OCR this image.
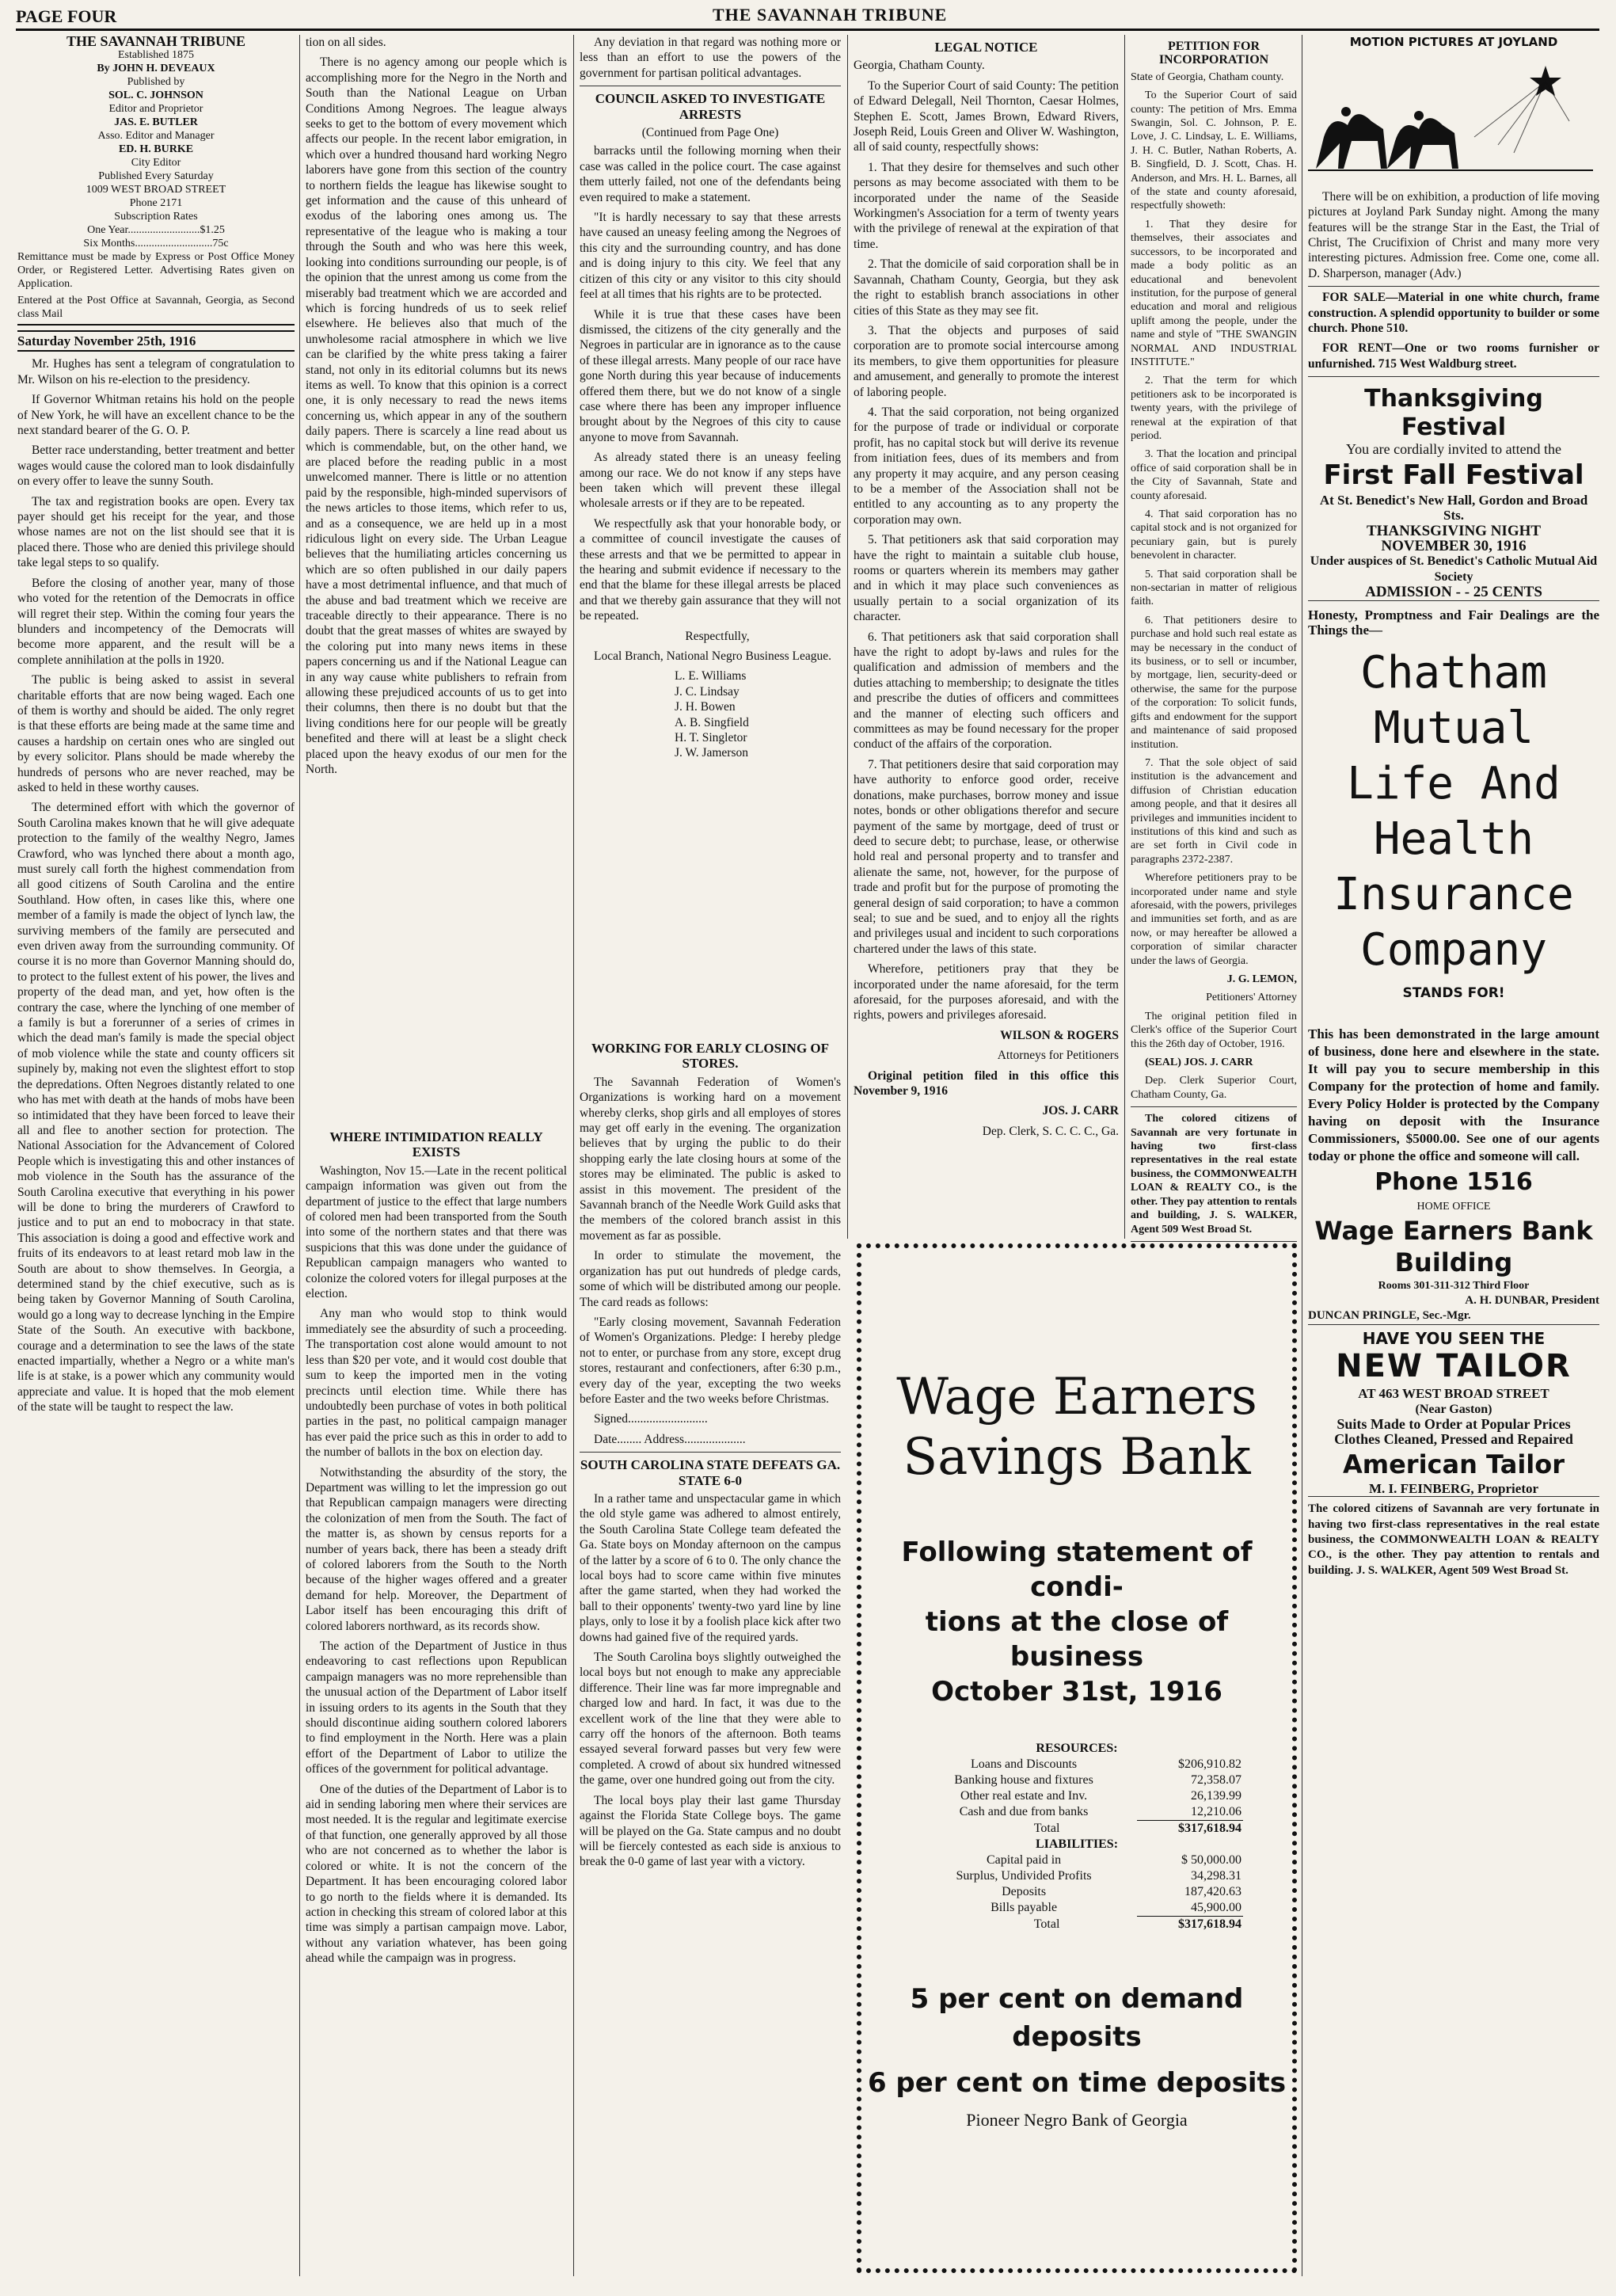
PAGE FOUR	THE SAVANNAH TRIBUNE
THE SAVANNAH TRIBUNE
Established 1875
By JOHN H. DEVEAUX
Published by
SOL. C. JOHNSON
Editor and Proprietor
JAS. E. BUTLER
Asso. Editor and Manager
ED. H. BURKE
City Editor
Published Every Saturday
1009 WEST BROAD STREET
Phone 2171
Subscription Rates
One Year..........................$1.25
Six Months............................75c
Remittance must be made by Express or Post Office Money Order, or Registered Letter. Advertising Rates given on Application.
Entered at the Post Office at Savannah, Georgia, as Second class Mail
Saturday November 25th, 1916

Mr. Hughes has sent a telegram of congratulation to Mr. Wilson on his re-election to the presidency.

If Governor Whitman retains his hold on the people of New York, he will have an excellent chance to be the next standard bearer of the G. O. P.

Better race understanding, better treatment and better wages would cause the colored man to look disdainfully on every offer to leave the sunny South.

The tax and registration books are open. Every tax payer should get his receipt for the year, and those whose names are not on the list should see that it is placed there. Those who are denied this privilege should take legal steps to so qualify.

Before the closing of another year, many of those who voted for the retention of the Democrats in office will regret their step. Within the coming four years the blunders and incompetency of the Democrats will become more apparent, and the result will be a complete annihilation at the polls in 1920.

The public is being asked to assist in several charitable efforts that are now being waged. Each one of them is worthy and should be aided. The only regret is that these efforts are being made at the same time and causes a hardship on certain ones who are singled out by every solicitor. Plans should be made whereby the hundreds of persons who are never reached, may be asked to held in these worthy causes.

The determined effort with which the governor of South Carolina makes known that he will give adequate protection to the family of the wealthy Negro, James Crawford, who was lynched there about a month ago, must surely call forth the highest commendation from all good citizens of South Carolina and the entire Southland. How often, in cases like this, where one member of a family is made the object of lynch law, the surviving members of the family are persecuted and even driven away from the surrounding community. Of course it is no more than Governor Manning should do, to protect to the fullest extent of his power, the lives and property of the dead man, and yet, how often is the contrary the case, where the lynching of one member of a family is but a forerunner of a series of crimes in which the dead man's family is made the special object of mob violence while the state and county officers sit supinely by, making not even the slightest effort to stop the depredations. Often Negroes distantly related to one who has met with death at the hands of mobs have been so intimidated that they have been forced to leave their all and flee to another section for protection. The National Association for the Advancement of Colored People which is investigating this and other instances of mob violence in the South has the assurance of the South Carolina executive that everything in his power will be done to bring the murderers of Crawford to justice and to put an end to mobocracy in that state. This association is doing a good and effective work and fruits of its endeavors to at least retard mob law in the South are about to show themselves. In Georgia, a determined stand by the chief executive, such as is being taken by Governor Manning of South Carolina, would go a long way to decrease lynching in the Empire State of the South. An executive with backbone, courage and a determination to see the laws of the state enacted impartially, whether a Negro or a white man's life is at stake, is a power which any community would appreciate and value. It is hoped that the mob element of the state will be taught to respect the law.

tion on all sides.

There is no agency among our people which is accomplishing more for the Negro in the North and South than the National League on Urban Conditions Among Negroes. The league always seeks to get to the bottom of every movement which affects our people. In the recent labor emigration, in which over a hundred thousand hard working Negro laborers have gone from this section of the country to northern fields the league has likewise sought to get information and the cause of this unheard of exodus of the laboring ones among us. The representative of the league who is making a tour through the South and who was here this week, looking into conditions surrounding our people, is of the opinion that the unrest among us come from the miserably bad treatment which we are accorded and which is forcing hundreds of us to seek relief elsewhere. He believes also that much of the unwholesome racial atmosphere in which we live can be clarified by the white press taking a fairer stand, not only in its editorial columns but its news items as well. To know that this opinion is a correct one, it is only necessary to read the news items concerning us, which appear in any of the southern daily papers. There is scarcely a line read about us which is commendable, but, on the other hand, we are placed before the reading public in a most unwelcomed manner. There is little or no attention paid by the responsible, high-minded supervisors of the news articles to those items, which refer to us, and as a consequence, we are held up in a most ridiculous light on every side. The Urban League believes that the humiliating articles concerning us which are so often published in our daily papers have a most detrimental influence, and that much of the abuse and bad treatment which we receive are traceable directly to their appearance. There is no doubt that the great masses of whites are swayed by the coloring put into many news items in these papers concerning us and if the National League can in any way cause white publishers to refrain from allowing these prejudiced accounts of us to get into their columns, then there is no doubt but that the living conditions here for our people will be greatly benefited and there will at least be a slight check placed upon the heavy exodus of our men for the North.

WHERE INTIMIDATION REALLY EXISTS

Washington, Nov 15.—Late in the recent political campaign information was given out from the department of justice to the effect that large numbers of colored men had been transported from the South into some of the northern states and that there was suspicions that this was done under the guidance of Republican campaign managers who wanted to colonize the colored voters for illegal purposes at the election.

Any man who would stop to think would immediately see the absurdity of such a proceeding. The transportation cost alone would amount to not less than $20 per vote, and it would cost double that sum to keep the imported men in the voting precincts until election time. While there has undoubtedly been purchase of votes in both political parties in the past, no political campaign manager has ever paid the price such as this in order to add to the number of ballots in the box on election day.

Notwithstanding the absurdity of the story, the Department was willing to let the impression go out that Republican campaign managers were directing the colonization of men from the South. The fact of the matter is, as shown by census reports for a number of years back, there has been a steady drift of colored laborers from the South to the North because of the higher wages offered and a greater demand for help. Moreover, the Department of Labor itself has been encouraging this drift of colored laborers northward, as its records show.

The action of the Department of Justice in thus endeavoring to cast reflections upon Republican campaign managers was no more reprehensible than the unusual action of the Department of Labor itself in issuing orders to its agents in the South that they should discontinue aiding southern colored laborers to find employment in the North. Here was a plain effort of the Department of Labor to utilize the offices of the government for political advantage.

One of the duties of the Department of Labor is to aid in sending laboring men where their services are most needed. It is the regular and legitimate exercise of that function, one generally approved by all those who are not concerned as to whether the labor is colored or white. It is not the concern of the Department. It has been encouraging colored labor to go north to the fields where it is demanded. Its action in checking this stream of colored labor at this time was simply a partisan campaign move. Labor, without any variation whatever, has been going ahead while the campaign was in progress.

Any deviation in that regard was nothing more or less than an effort to use the powers of the government for partisan political advantages.

COUNCIL ASKED TO INVESTIGATE ARRESTS
(Continued from Page One)

barracks until the following morning when their case was called in the police court. The case against them utterly failed, not one of the defendants being even required to make a statement.

"It is hardly necessary to say that these arrests have caused an uneasy feeling among the Negroes of this city and the surrounding country, and has done and is doing injury to this city. We feel that any citizen of this city or any visitor to this city should feel at all times that his rights are to be protected.

While it is true that these cases have been dismissed, the citizens of the city generally and the Negroes in particular are in ignorance as to the cause of these illegal arrests. Many people of our race have gone North during this year because of inducements offered them there, but we do not know of a single case where there has been any improper influence brought about by the Negroes of this city to cause anyone to move from Savannah.

As already stated there is an uneasy feeling among our race. We do not know if any steps have been taken which will prevent these illegal wholesale arrests or if they are to be repeated.

We respectfully ask that your honorable body, or a committee of council investigate the causes of these arrests and that we be permitted to appear in the hearing and submit evidence if necessary to the end that the blame for these illegal arrests be placed and that we thereby gain assurance that they will not be repeated.

Respectfully,

Local Branch, National Negro Business League.

L. E. Williams
J. C. Lindsay
J. H. Bowen
A. B. Singfield
H. T. Singletor
J. W. Jamerson
WORKING FOR EARLY CLOSING OF STORES.

The Savannah Federation of Women's Organizations is working hard on a movement whereby clerks, shop girls and all employes of stores may get off early in the evening. The organization believes that by urging the public to do their shopping early the late closing hours at some of the stores may be eliminated. The public is asked to assist in this movement. The president of the Savannah branch of the Needle Work Guild asks that the members of the colored branch assist in this movement as far as possible.

In order to stimulate the movement, the organization has put out hundreds of pledge cards, some of which will be distributed among our people. The card reads as follows:

"Early closing movement, Savannah Federation of Women's Organizations. Pledge: I hereby pledge not to enter, or purchase from any store, except drug stores, restaurant and confectioners, after 6:30 p.m., every day of the year, excepting the two weeks before Easter and the two weeks before Christmas.

Signed..........................

Date........ Address....................

SOUTH CAROLINA STATE DEFEATS GA. STATE 6-0

In a rather tame and unspectacular game in which the old style game was adhered to almost entirely, the South Carolina State College team defeated the Ga. State boys on Monday afternoon on the campus of the latter by a score of 6 to 0. The only chance the local boys had to score came within five minutes after the game started, when they had worked the ball to their opponents' twenty-two yard line by line plays, only to lose it by a foolish place kick after two downs had gained five of the required yards.

The South Carolina boys slightly outweighed the local boys but not enough to make any appreciable difference. Their line was far more impregnable and charged low and hard. In fact, it was due to the excellent work of the line that they were able to carry off the honors of the afternoon. Both teams essayed several forward passes but very few were completed. A crowd of about six hundred witnessed the game, over one hundred going out from the city.

The local boys play their last game Thursday against the Florida State College boys. The game will be played on the Ga. State campus and no doubt will be fiercely contested as each side is anxious to break the 0-0 game of last year with a victory.

LEGAL NOTICE

Georgia, Chatham County.

To the Superior Court of said County: The petition of Edward Delegall, Neil Thornton, Caesar Holmes, Stephen E. Scott, James Brown, Edward Rivers, Joseph Reid, Louis Green and Oliver W. Washington, all of said county, respectfully shows:

1. That they desire for themselves and such other persons as may become associated with them to be incorporated under the name of the Seaside Workingmen's Association for a term of twenty years with the privilege of renewal at the expiration of that time.

2. That the domicile of said corporation shall be in Savannah, Chatham County, Georgia, but they ask the right to establish branch associations in other cities of this State as they may see fit.

3. That the objects and purposes of said corporation are to promote social intercourse among its members, to give them opportunities for pleasure and amusement, and generally to promote the interest of laboring people.

4. That the said corporation, not being organized for the purpose of trade or individual or corporate profit, has no capital stock but will derive its revenue from initiation fees, dues of its members and from any property it may acquire, and any person ceasing to be a member of the Association shall not be entitled to any accounting as to any property the corporation may own.

5. That petitioners ask that said corporation may have the right to maintain a suitable club house, rooms or quarters wherein its members may gather and in which it may place such conveniences as usually pertain to a social organization of its character.

6. That petitioners ask that said corporation shall have the right to adopt by-laws and rules for the qualification and admission of members and the duties attaching to membership; to designate the titles and prescribe the duties of officers and committees and the manner of electing such officers and committees as may be found necessary for the proper conduct of the affairs of the corporation.

7. That petitioners desire that said corporation may have authority to enforce good order, receive donations, make purchases, borrow money and issue notes, bonds or other obligations therefor and secure payment of the same by mortgage, deed of trust or deed to secure debt; to purchase, lease, or otherwise hold real and personal property and to transfer and alienate the same, not, however, for the purpose of trade and profit but for the purpose of promoting the general design of said corporation; to have a common seal; to sue and be sued, and to enjoy all the rights and privileges usual and incident to such corporations chartered under the laws of this state.

Wherefore, petitioners pray that they be incorporated under the name aforesaid, for the term aforesaid, for the purposes aforesaid, and with the rights, powers and privileges aforesaid.

WILSON & ROGERS

Attorneys for Petitioners

Original petition filed in this office this November 9, 1916

JOS. J. CARR

Dep. Clerk, S. C. C. C., Ga.

PETITION FOR INCORPORATION

State of Georgia, Chatham county.

To the Superior Court of said county: The petition of Mrs. Emma Swangin, Sol. C. Johnson, P. E. Love, J. C. Lindsay, L. E. Williams, J. H. C. Butler, Nathan Roberts, A. B. Singfield, D. J. Scott, Chas. H. Anderson, and Mrs. H. L. Barnes, all of the state and county aforesaid, respectfully showeth:

1. That they desire for themselves, their associates and successors, to be incorporated and made a body politic as an educational and benevolent institution, for the purpose of general education and moral and religious uplift among the people, under the name and style of "THE SWANGIN NORMAL AND INDUSTRIAL INSTITUTE."

2. That the term for which petitioners ask to be incorporated is twenty years, with the privilege of renewal at the expiration of that period.

3. That the location and principal office of said corporation shall be in the City of Savannah, State and county aforesaid.

4. That said corporation has no capital stock and is not organized for pecuniary gain, but is purely benevolent in character.

5. That said corporation shall be non-sectarian in matter of religious faith.

6. That petitioners desire to purchase and hold such real estate as may be necessary in the conduct of its business, or to sell or incumber, by mortgage, lien, security-deed or otherwise, the same for the purpose of the corporation: To solicit funds, gifts and endowment for the support and maintenance of said proposed institution.

7. That the sole object of said institution is the advancement and diffusion of Christian education among people, and that it desires all privileges and immunities incident to institutions of this kind and such as are set forth in Civil code in paragraphs 2372-2387.

Wherefore petitioners pray to be incorporated under name and style aforesaid, with the powers, privileges and immunities set forth, and as are now, or may hereafter be allowed a corporation of similar character under the laws of Georgia.

J. G. LEMON,

Petitioners' Attorney

The original petition filed in Clerk's office of the Superior Court this the 26th day of October, 1916.

(SEAL) JOS. J. CARR

Dep. Clerk Superior Court, Chatham County, Ga.

The colored citizens of Savannah are very fortunate in having two first-class representatives in the real estate business, the COMMONWEALTH LOAN & REALTY CO., is the other. They pay attention to rentals and building, J. S. WALKER, Agent 509 West Broad St.

Wage Earners
Savings Bank
Following statement of condi-
tions at the close of business
October 31st, 1916
RESOURCES:	
Loans and Discounts	$206,910.82
Banking house and fixtures	72,358.07
Other real estate and Inv.	26,139.99
Cash and due from banks	12,210.06
Total	$317,618.94
LIABILITIES:	
Capital paid in	$ 50,000.00
Surplus, Undivided Profits	34,298.31
Deposits	187,420.63
Bills payable	45,900.00
Total	$317,618.94
5 per cent on demand deposits
6 per cent on time deposits
Pioneer Negro Bank of Georgia
MOTION PICTURES AT JOYLAND

There will be on exhibition, a production of life moving pictures at Joyland Park Sunday night. Among the many features will be the strange Star in the East, the Trial of Christ, The Crucifixion of Christ and many more very interesting pictures. Admission free. Come one, come all. D. Sharperson, manager (Adv.)

FOR SALE—Material in one white church, frame construction. A splendid opportunity to builder or some church. Phone 510.

FOR RENT—One or two rooms furnisher or unfurnished. 715 West Waldburg street.

Thanksgiving Festival
You are cordially invited to attend the
First Fall Festival
At St. Benedict's New Hall, Gordon and Broad Sts.
THANKSGIVING NIGHT
NOVEMBER 30, 1916
Under auspices of St. Benedict's Catholic Mutual Aid Society
ADMISSION - - 25 CENTS

Honesty, Promptness and Fair Dealings are the Things the—

Chatham
Mutual
Life And
Health
Insurance
Company
STANDS FOR!

This has been demonstrated in the large amount of business, done here and elsewhere in the state. It will pay you to secure membership in this Company for the protection of home and family. Every Policy Holder is protected by the Company having on deposit with the Insurance Commissioners, $5000.00. See one of our agents today or phone the office and someone will call.

Phone 1516
HOME OFFICE
Wage Earners Bank
Building
Rooms 301-311-312 Third Floor
A. H. DUNBAR, President
DUNCAN PRINGLE, Sec.-Mgr.
HAVE YOU SEEN THE
NEW TAILOR
AT 463 WEST BROAD STREET
(Near Gaston)
Suits Made to Order at Popular Prices
Clothes Cleaned, Pressed and Repaired
American Tailor
M. I. FEINBERG, Proprietor

The colored citizens of Savannah are very fortunate in having two first-class representatives in the real estate business, the COMMONWEALTH LOAN & REALTY CO., is the other. They pay attention to rentals and building. J. S. WALKER, Agent 509 West Broad St.
